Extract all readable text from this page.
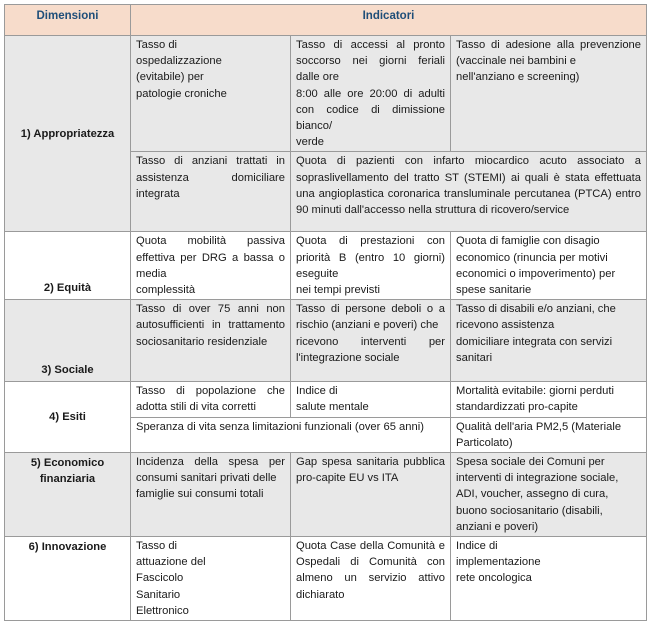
Dimensioni	Indicatori		
1) Appropriatezza	Tasso di
ospedalizzazione
(evitabile) per
patologie croniche	Tasso di accessi al pronto soccorso nei giorni feriali dalle ore
8:00 alle ore 20:00 di adulti con codice di dimissione bianco/
verde	Tasso di adesione alla prevenzione (vaccinale nei bambini e
nell'anziano e screening)

	Tasso di anziani trattati in assistenza domiciliare integrata	Quota di pazienti con infarto miocardico acuto associato a sopraslivellamento del tratto ST (STEMI) ai quali è stata effettuata una angioplastica coronarica transluminale percutanea (PTCA) entro 90 minuti dall'accesso nella struttura di ricovero/service	
2) Equità	Quota mobilità passiva effettiva per DRG a bassa o media
complessità	Quota di prestazioni con priorità B (entro 10 giorni) eseguite
nei tempi previsti	Quota di famiglie con disagio economico (rinuncia per motivi economici o impoverimento) per spese sanitarie
3) Sociale	Tasso di over 75 anni non autosufficienti in trattamento sociosanitario residenziale	Tasso di persone deboli o a rischio (anziani e poveri) che
ricevono interventi per l'integrazione sociale	Tasso di disabili e/o anziani, che ricevono assistenza
domiciliare integrata con servizi sanitari

4) Esiti	Tasso di popolazione che adotta stili di vita corretti	Indice di
salute mentale	Mortalità evitabile: giorni perduti standardizzati pro-capite
	Speranza di vita senza limitazioni funzionali (over 65 anni)		Qualità dell'aria PM2,5 (Materiale Particolato)

5) Economico
finanziaria	Incidenza della spesa per consumi sanitari privati delle
famiglie sui consumi totali	Gap spesa sanitaria pubblica pro-capite EU vs ITA	Spesa sociale dei Comuni per interventi di integrazione sociale, ADI, voucher, assegno di cura, buono sociosanitario (disabili, anziani e poveri)
6) Innovazione	Tasso di
attuazione del
Fascicolo
Sanitario
Elettronico	Quota Case della Comunità e Ospedali di Comunità con almeno un servizio attivo dichiarato	Indice di
implementazione
rete oncologica
